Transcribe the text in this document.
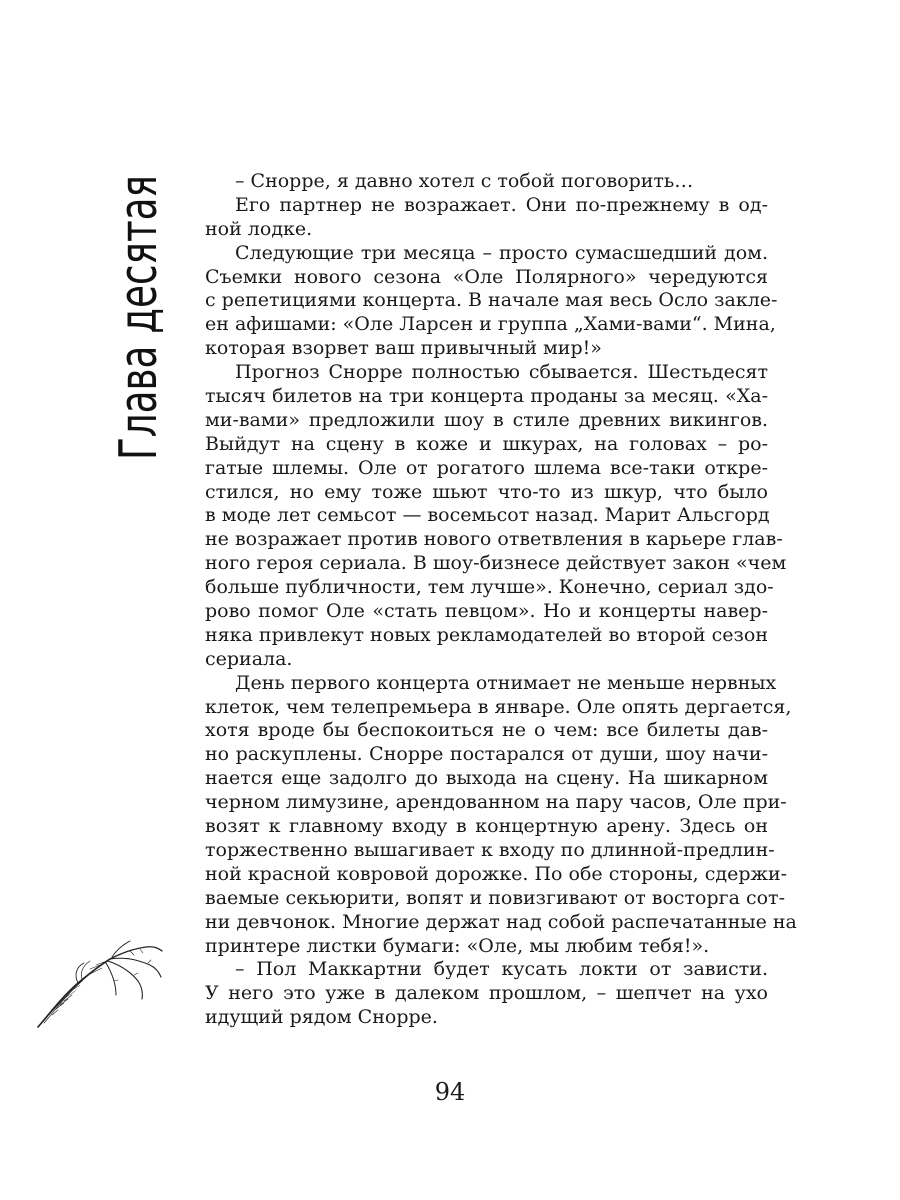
Глава десятая	– Снорре, я давно хотел с тобой поговорить…
Его партнер не возражает. Они по-прежнему в од-
ной лодке.
Следующие три месяца – просто сумасшедший дом.
Съемки нового сезона «Оле Полярного» чередуются
с репетициями концерта. В начале мая весь Осло закле-
ен афишами: «Оле Ларсен и группа „Хами-вами“. Мина,
которая взорвет ваш привычный мир!»
Прогноз Снорре полностью сбывается. Шестьдесят
тысяч билетов на три концерта проданы за месяц. «Ха-
ми-вами» предложили шоу в стиле древних викингов.
Выйдут на сцену в коже и шкурах, на головах – ро-
гатые шлемы. Оле от рогатого шлема все-таки откре-
стился, но ему тоже шьют что-то из шкур, что было
в моде лет семьсот — восемьсот назад. Марит Альсгорд
не возражает против нового ответвления в карьере глав-
ного героя сериала. В шоу-бизнесе действует закон «чем
больше публичности, тем лучше». Конечно, сериал здо-
рово помог Оле «стать певцом». Но и концерты навер-
няка привлекут новых рекламодателей во второй сезон
сериала.
День первого концерта отнимает не меньше нервных
клеток, чем телепремьера в январе. Оле опять дергается,
хотя вроде бы беспокоиться не о чем: все билеты дав-
но раскуплены. Снорре постарался от души, шоу начи-
нается еще задолго до выхода на сцену. На шикарном
черном лимузине, арендованном на пару часов, Оле при-
возят к главному входу в концертную арену. Здесь он
торжественно вышагивает к входу по длинной-предлин-
ной красной ковровой дорожке. По обе стороны, сдержи-
ваемые секьюрити, вопят и повизгивают от восторга сот-
ни девчонок. Многие держат над собой распечатанные на
принтере листки бумаги: «Оле, мы любим тебя!».
– Пол Маккартни будет кусать локти от зависти.
У него это уже в далеком прошлом, – шепчет на ухо
идущий рядом Снорре.
94
